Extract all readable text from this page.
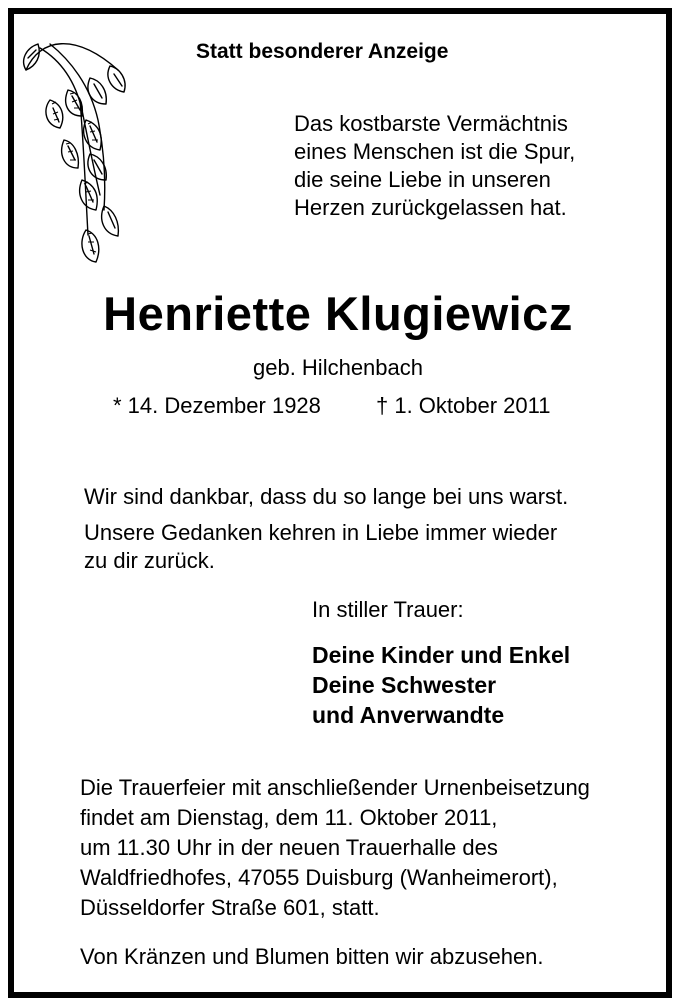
Statt besonderer Anzeige
Das kostbarste Vermächtnis
eines Menschen ist die Spur,
die seine Liebe in unseren
Herzen zurückgelassen hat.
Henriette Klugiewicz
geb. Hilchenbach
* 14. Dezember 1928	† 1. Oktober 2011
Wir sind dankbar, dass du so lange bei uns warst.
Unsere Gedanken kehren in Liebe immer wieder
zu dir zurück.
In stiller Trauer:
Deine Kinder und Enkel
Deine Schwester
und Anverwandte
Die Trauerfeier mit anschließender Urnenbeisetzung
findet am Dienstag, dem 11. Oktober 2011,
um 11.30 Uhr in der neuen Trauerhalle des
Waldfriedhofes, 47055 Duisburg (Wanheimerort),
Düsseldorfer Straße 601, statt.
Von Kränzen und Blumen bitten wir abzusehen.
